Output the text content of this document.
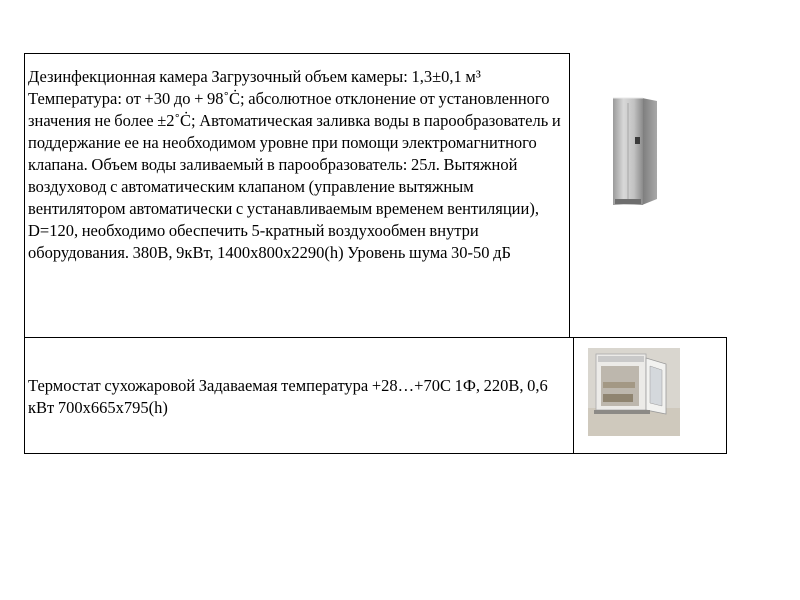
Дезинфекционная камера Загрузочный объем камеры: 1,3±0,1 м³ Температура: от +30 до + 98˚Ċ; абсолютное отклонение от установленного значения не более ±2˚Ċ; Автоматическая заливка воды в парообразователь и поддержание ее на необходимом уровне при помощи электромагнитного клапана. Объем воды заливаемый в парообразователь: 25л. Вытяжной воздуховод с автоматическим клапаном (управление вытяжным вентилятором автоматически с устанавливаемым временем вентиляции), D=120, необходимо обеспечить 5-кратный воздухообмен внутри оборудования. 380В, 9кВт, 1400х800х2290(h) Уровень шума 30-50 дБ
Термостат сухожаровой Задаваемая температура +28…+70С 1Ф, 220В, 0,6 кВт 700х665х795(h)
